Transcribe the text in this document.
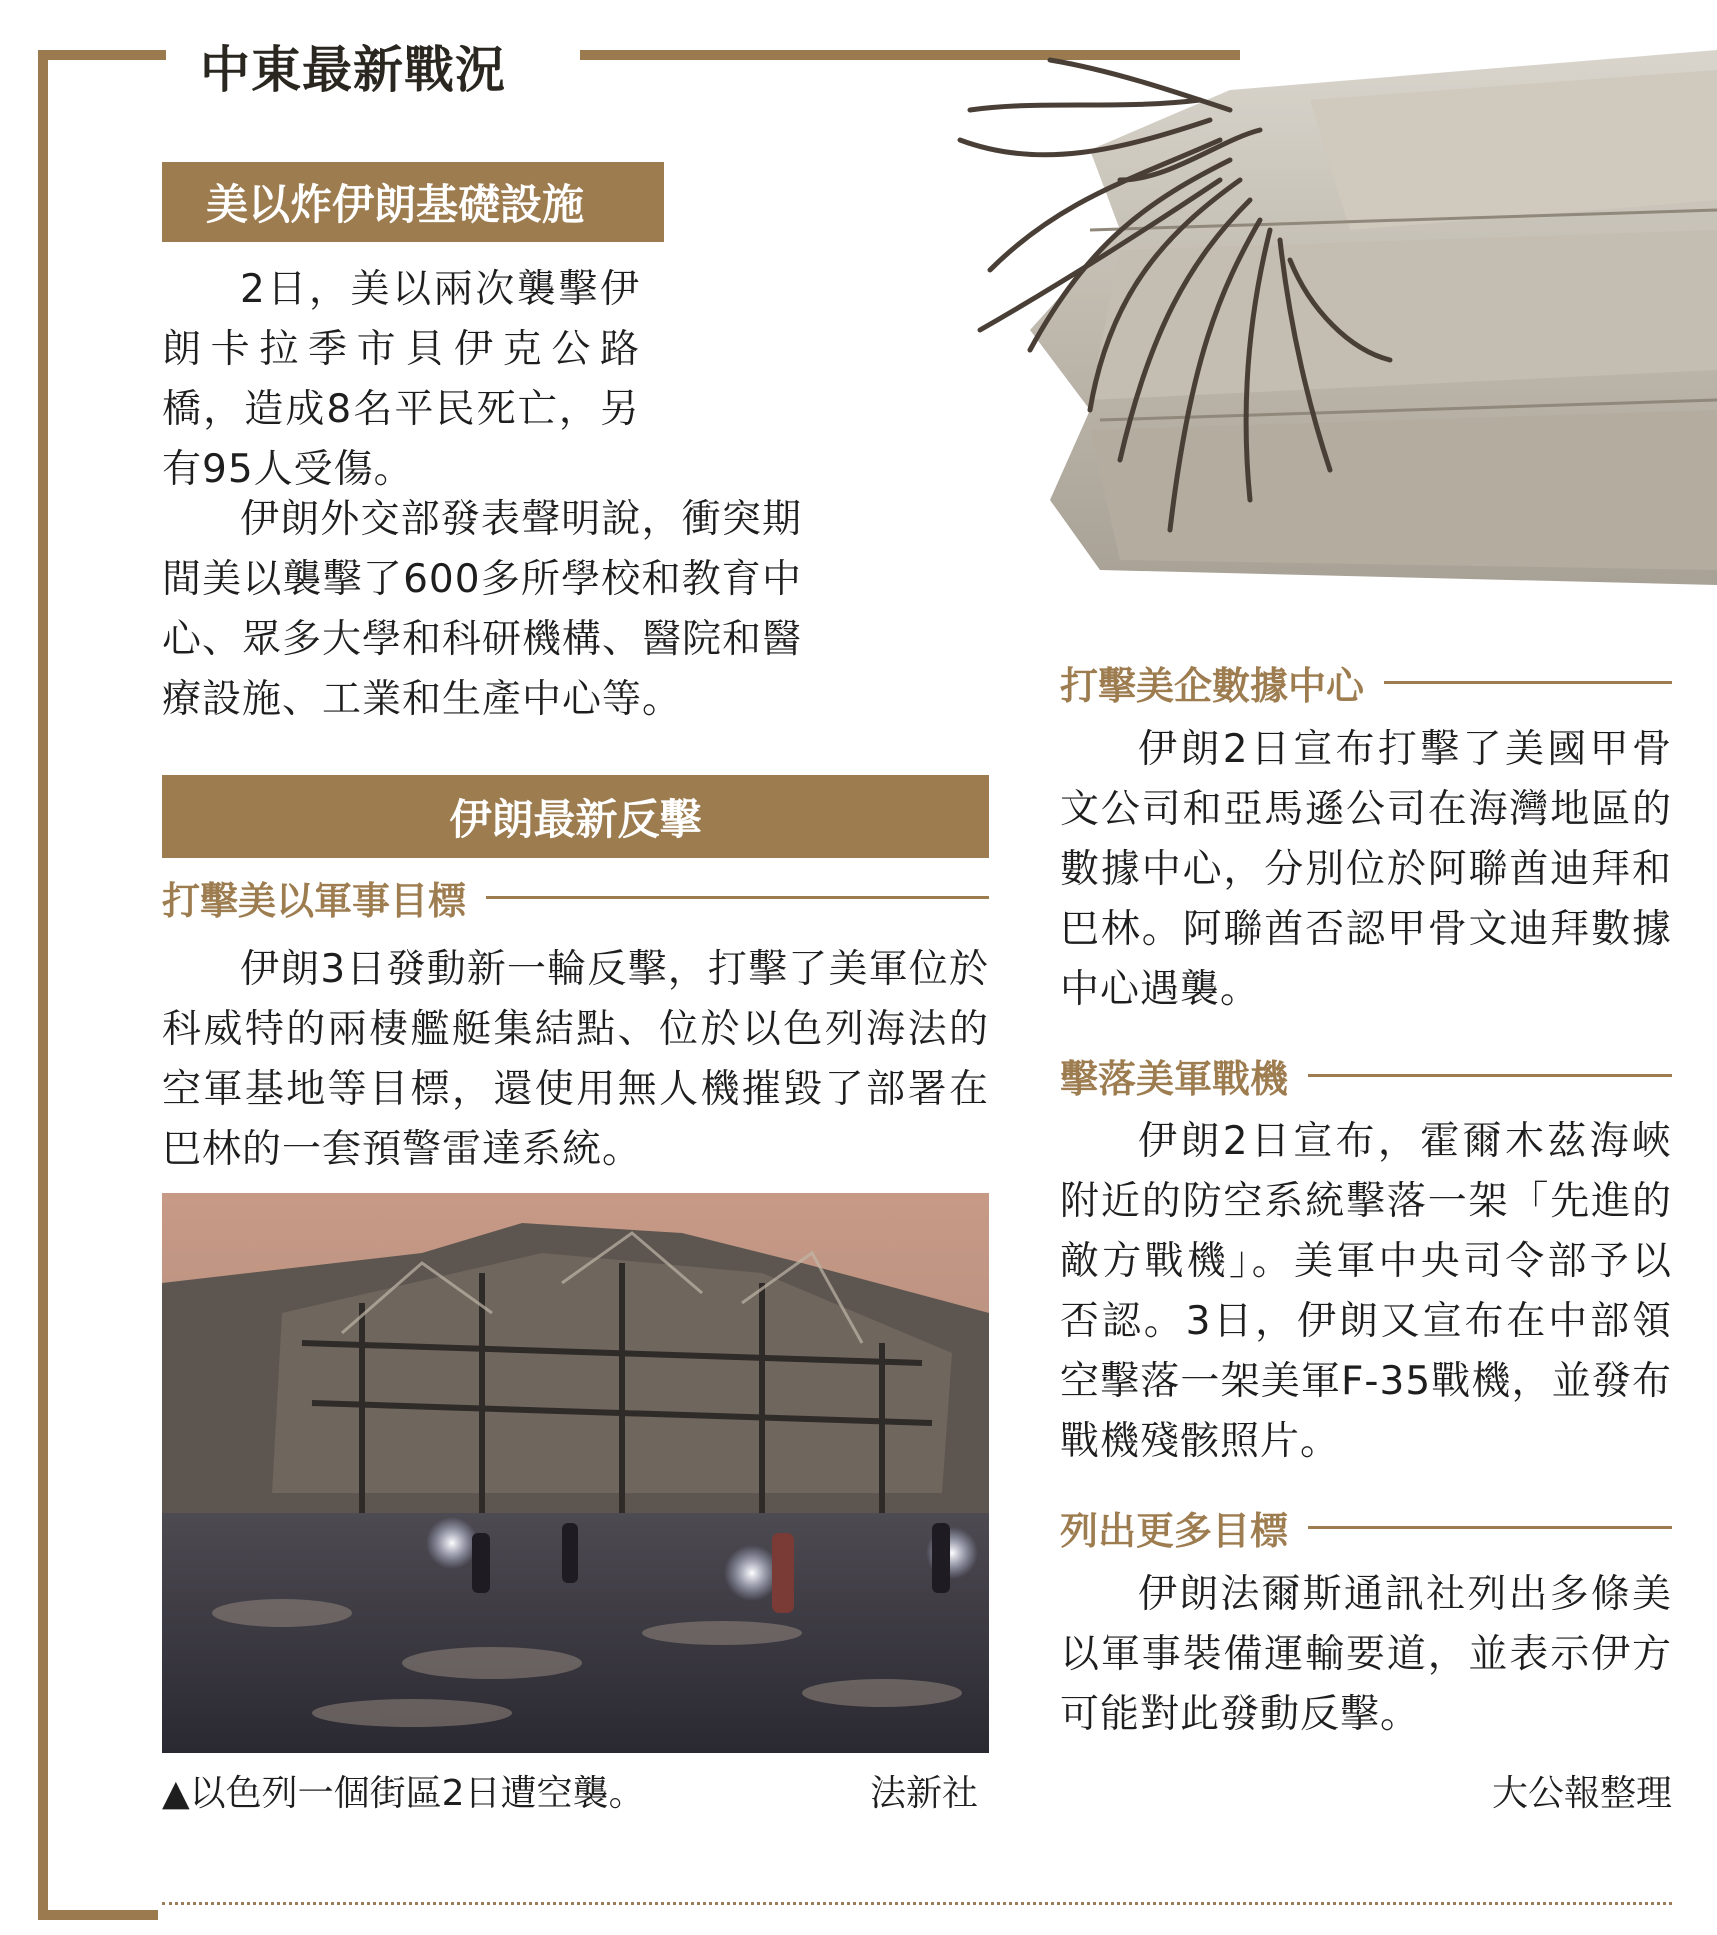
中東最新戰況
美以炸伊朗基礎設施

2日，美以兩次襲擊伊朗卡拉季市貝伊克公路橋，造成8名平民死亡，另有95人受傷。

伊朗外交部發表聲明說，衝突期間美以襲擊了600多所學校和教育中心、眾多大學和科研機構、醫院和醫療設施、工業和生產中心等。

伊朗最新反擊
打擊美以軍事目標

伊朗3日發動新一輪反擊，打擊了美軍位於科威特的兩棲艦艇集結點、位於以色列海法的空軍基地等目標，還使用無人機摧毀了部署在巴林的一套預警雷達系統。

▲以色列一個街區2日遭空襲。	法新社
打擊美企數據中心

伊朗2日宣布打擊了美國甲骨文公司和亞馬遜公司在海灣地區的數據中心，分別位於阿聯酋迪拜和巴林。阿聯酋否認甲骨文迪拜數據中心遇襲。

擊落美軍戰機

伊朗2日宣布，霍爾木茲海峽附近的防空系統擊落一架「先進的敵方戰機」。美軍中央司令部予以否認。3日，伊朗又宣布在中部領空擊落一架美軍F-35戰機，並發布戰機殘骸照片。

列出更多目標

伊朗法爾斯通訊社列出多條美以軍事裝備運輸要道，並表示伊方可能對此發動反擊。

大公報整理
